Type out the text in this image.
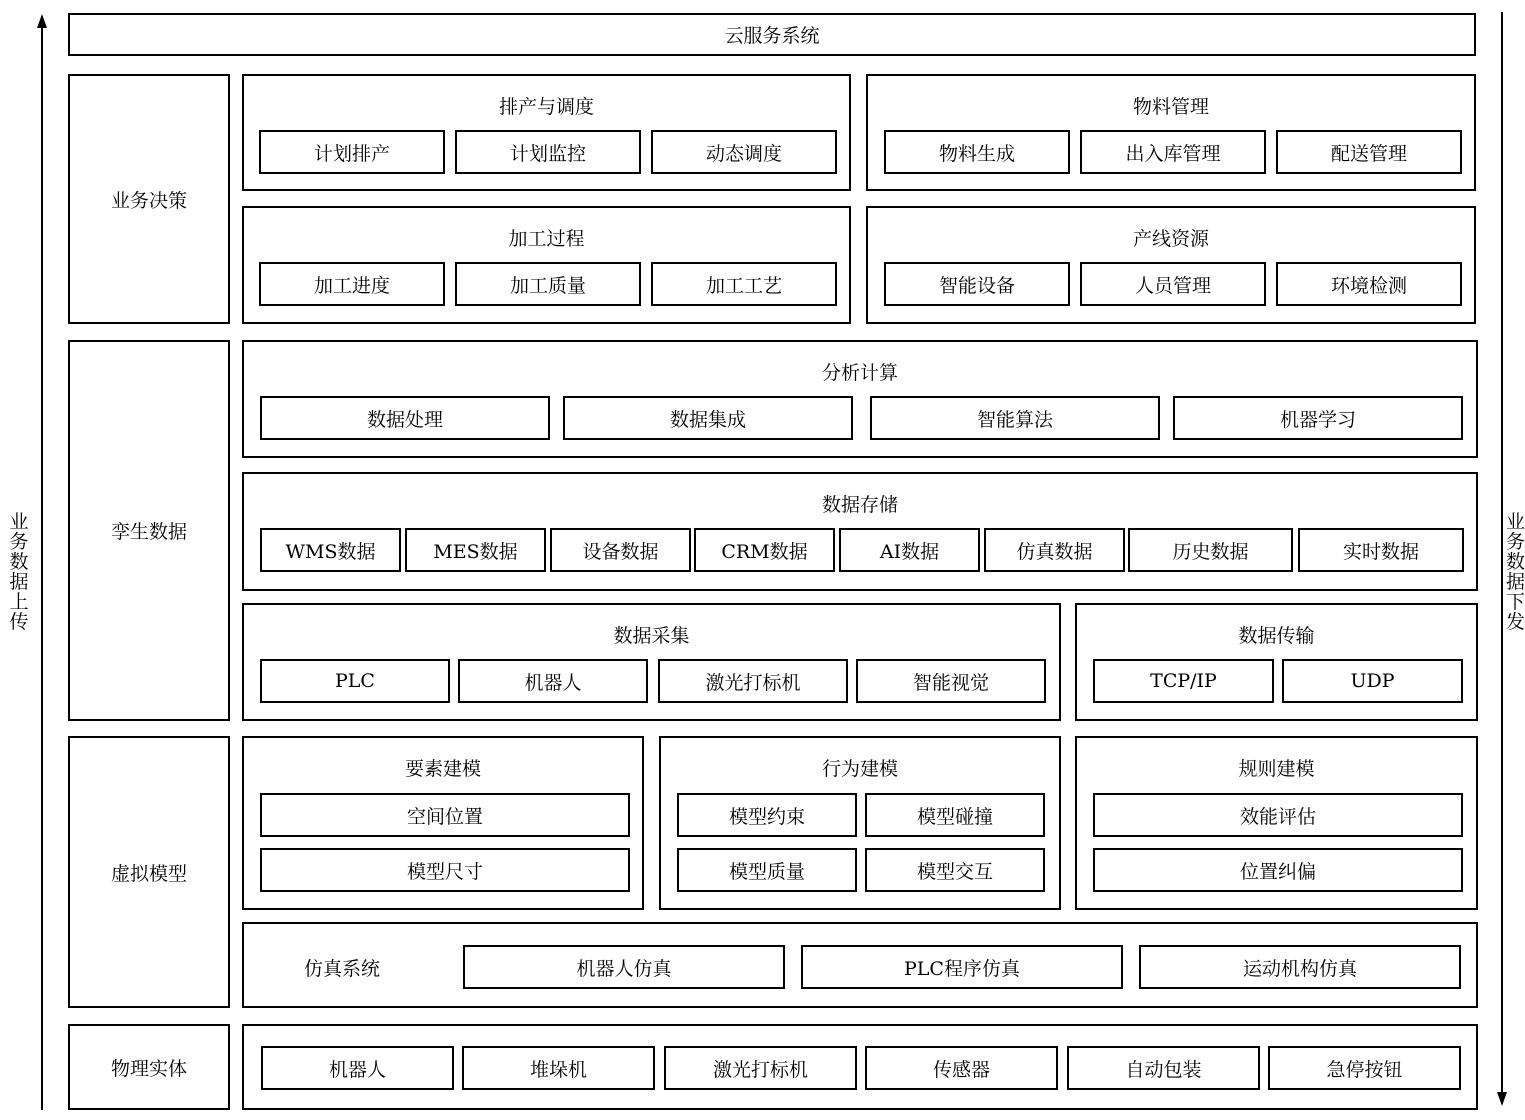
业务数据上传
业务数据下发
云服务系统
业务决策
孪生数据
虚拟模型
物理实体
排产与调度
计划排产	计划监控	动态调度
物料管理
物料生成	出入库管理	配送管理
加工过程
加工进度	加工质量	加工工艺
产线资源
智能设备	人员管理	环境检测
分析计算
数据处理	数据集成	智能算法	机器学习
数据存储
WMS数据	MES数据	设备数据	CRM数据	AI数据	仿真数据	历史数据	实时数据
数据采集
PLC	机器人	激光打标机	智能视觉
数据传输
TCP/IP	UDP
要素建模
空间位置
模型尺寸
行为建模
模型约束	模型碰撞
模型质量	模型交互
规则建模
效能评估
位置纠偏
仿真系统	机器人仿真	PLC程序仿真	运动机构仿真
机器人	堆垛机	激光打标机	传感器	自动包装	急停按钮
